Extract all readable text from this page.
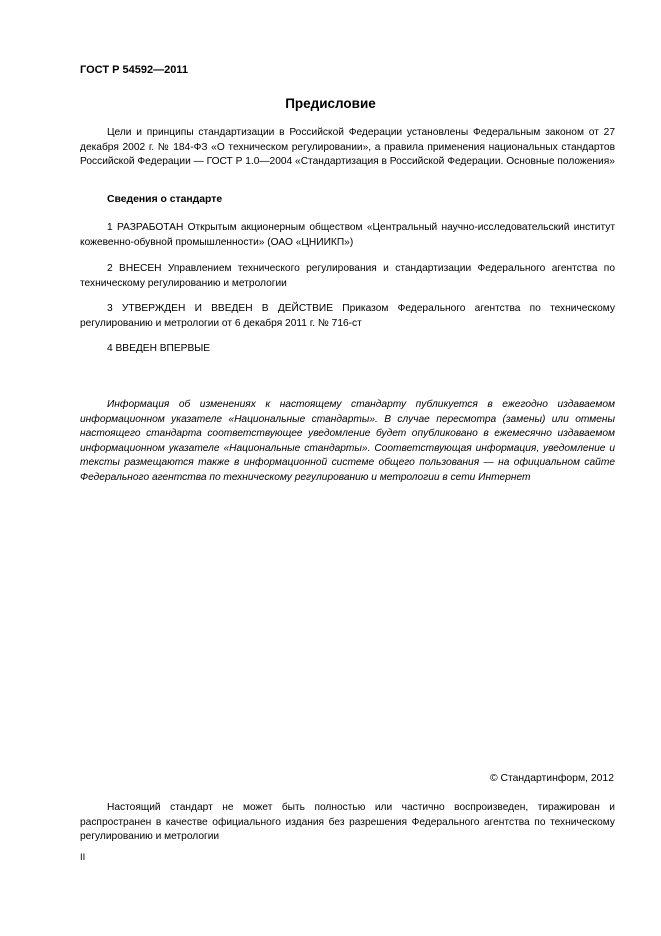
ГОСТ Р 54592—2011
Предисловие
Цели и принципы стандартизации в Российской Федерации установлены Федеральным законом от 27 декабря 2002 г. № 184-ФЗ «О техническом регулировании», а правила применения национальных стандартов Российской Федерации — ГОСТ Р 1.0—2004 «Стандартизация в Российской Федерации. Основные положения»
Сведения о стандарте
1 РАЗРАБОТАН Открытым акционерным обществом «Центральный научно-исследовательский институт кожевенно-обувной промышленности» (ОАО «ЦНИИКП»)
2 ВНЕСЕН Управлением технического регулирования и стандартизации Федерального агентства по техническому регулированию и метрологии
3 УТВЕРЖДЕН И ВВЕДЕН В ДЕЙСТВИЕ Приказом Федерального агентства по техническому регулированию и метрологии от 6 декабря 2011 г. № 716-ст
4 ВВЕДЕН ВПЕРВЫЕ
Информация об изменениях к настоящему стандарту публикуется в ежегодно издаваемом информационном указателе «Национальные стандарты». В случае пересмотра (замены) или отмены настоящего стандарта соответствующее уведомление будет опубликовано в ежемесячно издаваемом информационном указателе «Национальные стандарты». Соответствующая информация, уведомление и тексты размещаются также в информационной системе общего пользования — на официальном сайте Федерального агентства по техническому регулированию и метрологии в сети Интернет
© Стандартинформ, 2012
Настоящий стандарт не может быть полностью или частично воспроизведен, тиражирован и распространен в качестве официального издания без разрешения Федерального агентства по техническому регулированию и метрологии
II
